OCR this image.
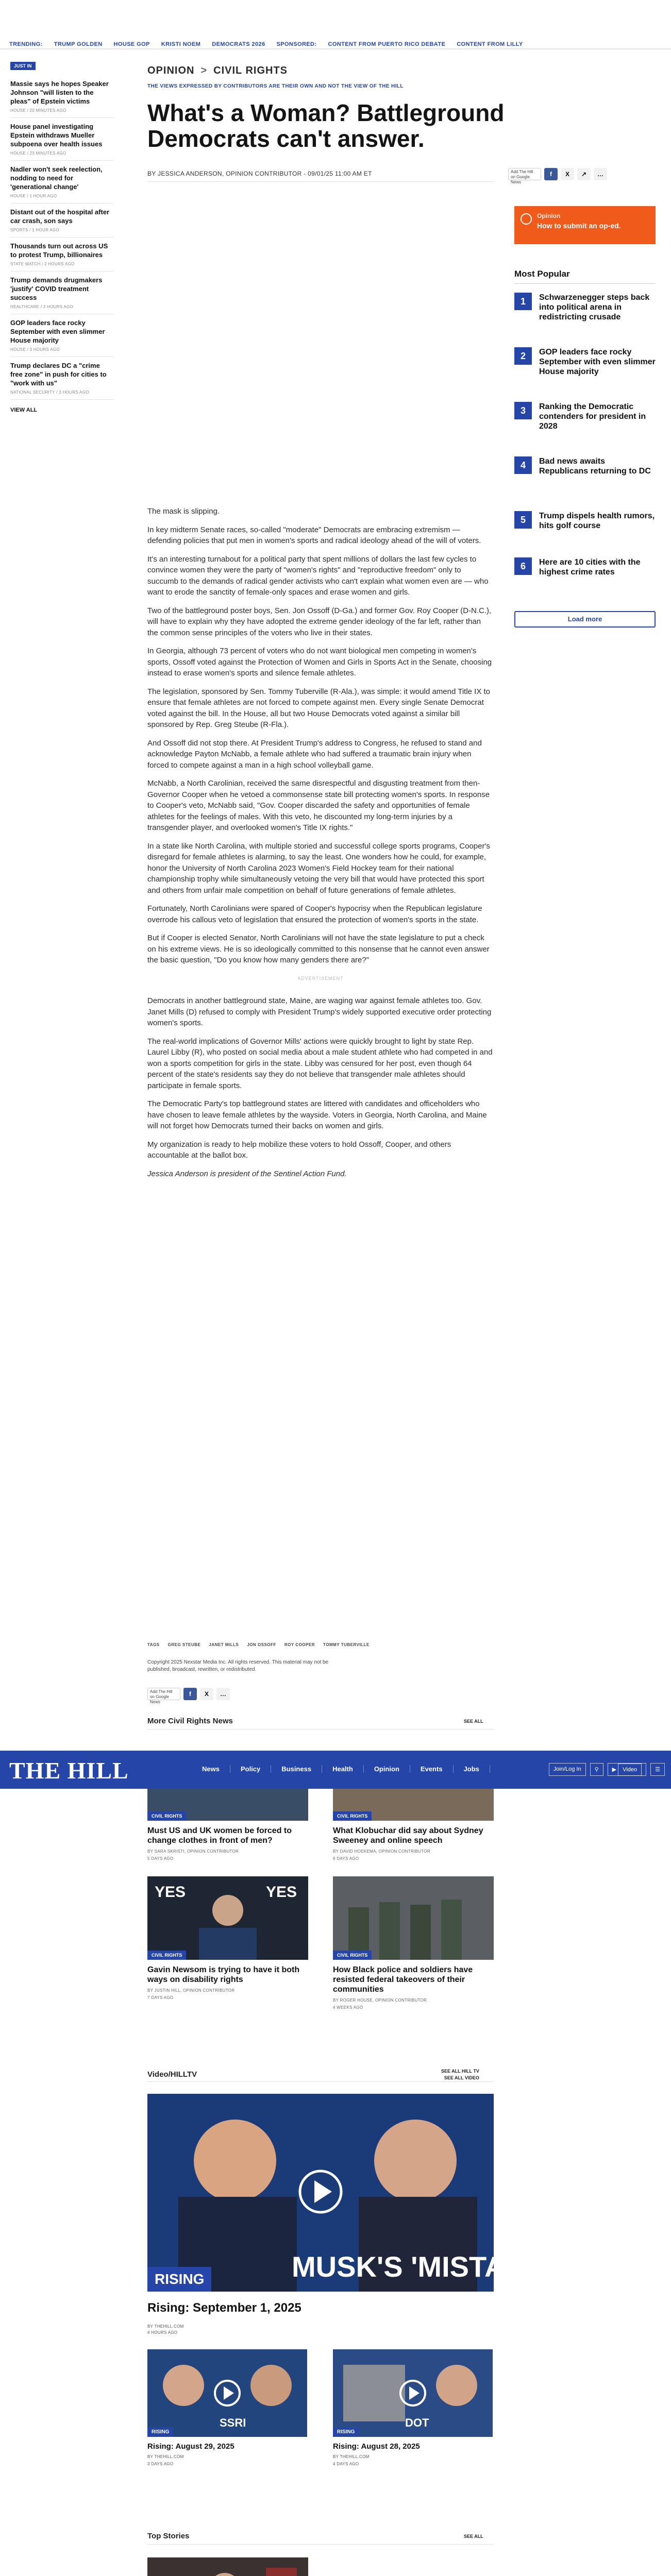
TRENDING: TRUMP GOLDEN HOUSE GOP KRISTI NOEM DEMOCRATS 2026 SPONSORED: CONTENT FROM PUERTO RICO DEBATE CONTENT FROM LILLY
JUST IN
Massie says he hopes Speaker Johnson "will listen to the pleas" of Epstein victims
HOUSE / 20 MINUTES AGO
House panel investigating Epstein withdraws Mueller subpoena over health issues
HOUSE / 23 MINUTES AGO
Nadler won't seek reelection, nodding to need for 'generational change'
HOUSE / 1 HOUR AGO
Distant out of the hospital after car crash, son says
SPORTS / 1 HOUR AGO
Thousands turn out across US to protest Trump, billionaires
STATE WATCH / 2 HOURS AGO
Trump demands drugmakers 'justify' COVID treatment success
HEALTHCARE / 3 HOURS AGO
GOP leaders face rocky September with even slimmer House majority
HOUSE / 3 HOURS AGO
Trump declares DC a "crime free zone" in push for cities to "work with us"
NATIONAL SECURITY / 3 HOURS AGO
VIEW ALL
OPINION > CIVIL RIGHTS
THE VIEWS EXPRESSED BY CONTRIBUTORS ARE THEIR OWN AND NOT THE VIEW OF THE HILL
What's a Woman? Battleground Democrats can't answer.
BY JESSICA ANDERSON, OPINION CONTRIBUTOR - 09/01/25 11:00 AM ET	Add The Hill on Google News
f	X	↗	…
Opinion
How to submit an op-ed.
Most Popular
1	Schwarzenegger steps back into political arena in redistricting crusade
2	GOP leaders face rocky September with even slimmer House majority
3	Ranking the Democratic contenders for president in 2028
4	Bad news awaits Republicans returning to DC
5	Trump dispels health rumors, hits golf course
6	Here are 10 cities with the highest crime rates
Load more

The mask is slipping.

In key midterm Senate races, so-called "moderate" Democrats are embracing extremism — defending policies that put men in women's sports and radical ideology ahead of the will of voters.

It's an interesting turnabout for a political party that spent millions of dollars the last few cycles to convince women they were the party of "women's rights" and "reproductive freedom" only to succumb to the demands of radical gender activists who can't explain what women even are — who want to erode the sanctity of female-only spaces and erase women and girls.

Two of the battleground poster boys, Sen. Jon Ossoff (D-Ga.) and former Gov. Roy Cooper (D-N.C.), will have to explain why they have adopted the extreme gender ideology of the far left, rather than the common sense principles of the voters who live in their states.

In Georgia, although 73 percent of voters who do not want biological men competing in women's sports, Ossoff voted against the Protection of Women and Girls in Sports Act in the Senate, choosing instead to erase women's sports and silence female athletes.

The legislation, sponsored by Sen. Tommy Tuberville (R-Ala.), was simple: it would amend Title IX to ensure that female athletes are not forced to compete against men. Every single Senate Democrat voted against the bill. In the House, all but two House Democrats voted against a similar bill sponsored by Rep. Greg Steube (R-Fla.).

And Ossoff did not stop there. At President Trump's address to Congress, he refused to stand and acknowledge Payton McNabb, a female athlete who had suffered a traumatic brain injury when forced to compete against a man in a high school volleyball game.

McNabb, a North Carolinian, received the same disrespectful and disgusting treatment from then-Governor Cooper when he vetoed a commonsense state bill protecting women's sports. In response to Cooper's veto, McNabb said, "Gov. Cooper discarded the safety and opportunities of female athletes for the feelings of males. With this veto, he discounted my long-term injuries by a transgender player, and overlooked women's Title IX rights."

In a state like North Carolina, with multiple storied and successful college sports programs, Cooper's disregard for female athletes is alarming, to say the least. One wonders how he could, for example, honor the University of North Carolina 2023 Women's Field Hockey team for their national championship trophy while simultaneously vetoing the very bill that would have protected this sport and others from unfair male competition on behalf of future generations of female athletes.

Fortunately, North Carolinians were spared of Cooper's hypocrisy when the Republican legislature overrode his callous veto of legislation that ensured the protection of women's sports in the state.

But if Cooper is elected Senator, North Carolinians will not have the state legislature to put a check on his extreme views. He is so ideologically committed to this nonsense that he cannot even answer the basic question, "Do you know how many genders there are?"

ADVERTISEMENT

Democrats in another battleground state, Maine, are waging war against female athletes too. Gov. Janet Mills (D) refused to comply with President Trump's widely supported executive order protecting women's sports.

The real-world implications of Governor Mills' actions were quickly brought to light by state Rep. Laurel Libby (R), who posted on social media about a male student athlete who had competed in and won a sports competition for girls in the state. Libby was censured for her post, even though 64 percent of the state's residents say they do not believe that transgender male athletes should participate in female sports.

The Democratic Party's top battleground states are littered with candidates and officeholders who have chosen to leave female athletes by the wayside. Voters in Georgia, North Carolina, and Maine will not forget how Democrats turned their backs on women and girls.

My organization is ready to help mobilize these voters to hold Ossoff, Cooper, and others accountable at the ballot box.

Jessica Anderson is president of the Sentinel Action Fund.

TAGS GREG STEUBE JANET MILLS JON OSSOFF ROY COOPER TOMMY TUBERVILLE
Copyright 2025 Nexstar Media Inc. All rights reserved. This material may not be published, broadcast, rewritten, or redistributed.
Add The Hill on Google News
f	X	…
More Civil Rights News	SEE ALL
CIVIL RIGHTS
Must US and UK women be forced to change clothes in front of men?
BY SARA SKRISTI, OPINION CONTRIBUTOR
5 DAYS AGO
CIVIL RIGHTS
What Klobuchar did say about Sydney Sweeney and online speech
BY DAVID HOEKEMA, OPINION CONTRIBUTOR
6 DAYS AGO
YES	YES
CIVIL RIGHTS
Gavin Newsom is trying to have it both ways on disability rights
BY JUSTIN HILL, OPINION CONTRIBUTOR
7 DAYS AGO
CIVIL RIGHTS
How Black police and soldiers have resisted federal takeovers of their communities
BY ROGER HOUSE, OPINION CONTRIBUTOR
4 WEEKS AGO
THE HILL	News	Policy	Business	Health	Opinion	Events	Jobs	Join/Log In	⚲	▶ Video	☰
Video/HILLTV	SEE ALL HILL TV
SEE ALL VIDEO
MUSK'S 'MISTAKE'
RISING
Rising: September 1, 2025
BY THEHILL.COM
4 HOURS AGO
SSRI
RISING
Rising: August 29, 2025
BY THEHILL.COM
3 DAYS AGO
DOT
RISING
Rising: August 28, 2025
BY THEHILL.COM
4 DAYS AGO
Top Stories	SEE ALL
